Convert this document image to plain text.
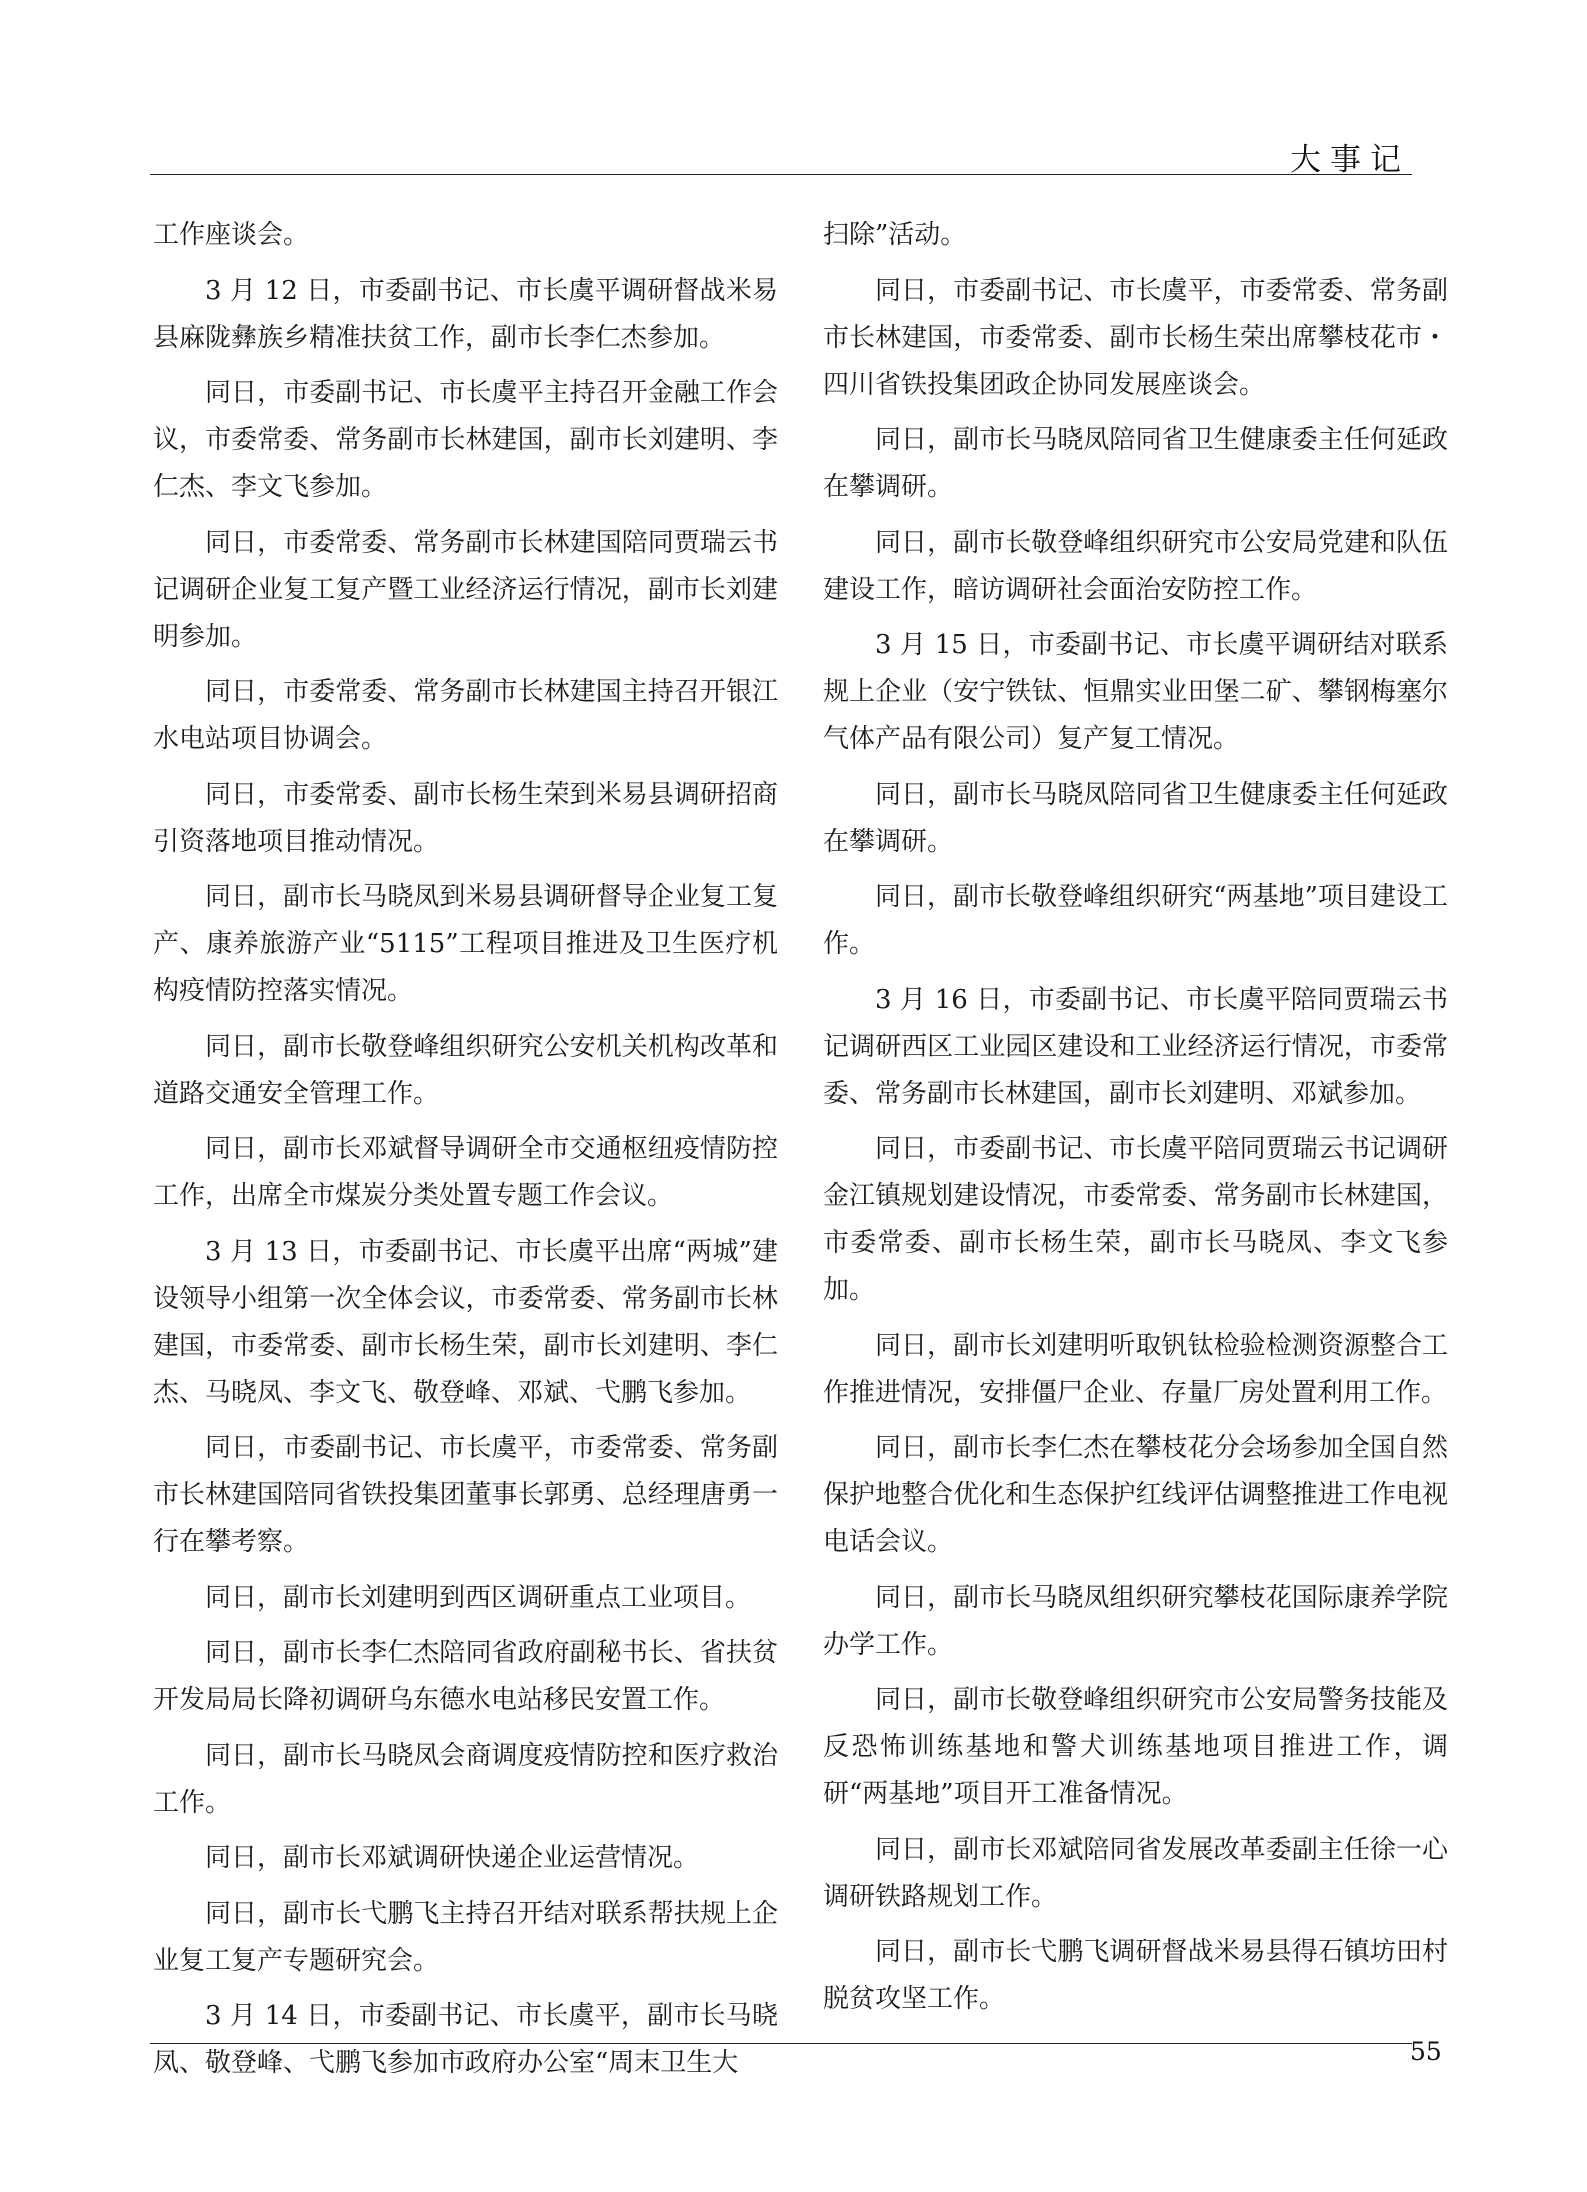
大事记

工作座谈会。

3 月 12 日，市委副书记、市长虞平调研督战米易县麻陇彝族乡精准扶贫工作，副市长李仁杰参加。

同日，市委副书记、市长虞平主持召开金融工作会议，市委常委、常务副市长林建国，副市长刘建明、李仁杰、李文飞参加。

同日，市委常委、常务副市长林建国陪同贾瑞云书记调研企业复工复产暨工业经济运行情况，副市长刘建明参加。

同日，市委常委、常务副市长林建国主持召开银江水电站项目协调会。

同日，市委常委、副市长杨生荣到米易县调研招商引资落地项目推动情况。

同日，副市长马晓凤到米易县调研督导企业复工复产、康养旅游产业“5115”工程项目推进及卫生医疗机构疫情防控落实情况。

同日，副市长敬登峰组织研究公安机关机构改革和道路交通安全管理工作。

同日，副市长邓斌督导调研全市交通枢纽疫情防控工作，出席全市煤炭分类处置专题工作会议。

3 月 13 日，市委副书记、市长虞平出席“两城”建设领导小组第一次全体会议，市委常委、常务副市长林建国，市委常委、副市长杨生荣，副市长刘建明、李仁杰、马晓凤、李文飞、敬登峰、邓斌、弋鹏飞参加。

同日，市委副书记、市长虞平，市委常委、常务副市长林建国陪同省铁投集团董事长郭勇、总经理唐勇一行在攀考察。

同日，副市长刘建明到西区调研重点工业项目。

同日，副市长李仁杰陪同省政府副秘书长、省扶贫开发局局长降初调研乌东德水电站移民安置工作。

同日，副市长马晓凤会商调度疫情防控和医疗救治工作。

同日，副市长邓斌调研快递企业运营情况。

同日，副市长弋鹏飞主持召开结对联系帮扶规上企业复工复产专题研究会。

3 月 14 日，市委副书记、市长虞平，副市长马晓凤、敬登峰、弋鹏飞参加市政府办公室“周末卫生大

扫除”活动。

同日，市委副书记、市长虞平，市委常委、常务副市长林建国，市委常委、副市长杨生荣出席攀枝花市・四川省铁投集团政企协同发展座谈会。

同日，副市长马晓凤陪同省卫生健康委主任何延政在攀调研。

同日，副市长敬登峰组织研究市公安局党建和队伍建设工作，暗访调研社会面治安防控工作。

3 月 15 日，市委副书记、市长虞平调研结对联系规上企业（安宁铁钛、恒鼎实业田堡二矿、攀钢梅塞尔气体产品有限公司）复产复工情况。

同日，副市长马晓凤陪同省卫生健康委主任何延政在攀调研。

同日，副市长敬登峰组织研究“两基地”项目建设工作。

3 月 16 日，市委副书记、市长虞平陪同贾瑞云书记调研西区工业园区建设和工业经济运行情况，市委常委、常务副市长林建国，副市长刘建明、邓斌参加。

同日，市委副书记、市长虞平陪同贾瑞云书记调研金江镇规划建设情况，市委常委、常务副市长林建国，市委常委、副市长杨生荣，副市长马晓凤、李文飞参加。

同日，副市长刘建明听取钒钛检验检测资源整合工作推进情况，安排僵尸企业、存量厂房处置利用工作。

同日，副市长李仁杰在攀枝花分会场参加全国自然保护地整合优化和生态保护红线评估调整推进工作电视电话会议。

同日，副市长马晓凤组织研究攀枝花国际康养学院办学工作。

同日，副市长敬登峰组织研究市公安局警务技能及反恐怖训练基地和警犬训练基地项目推进工作，调研“两基地”项目开工准备情况。

同日，副市长邓斌陪同省发展改革委副主任徐一心调研铁路规划工作。

同日，副市长弋鹏飞调研督战米易县得石镇坊田村脱贫攻坚工作。

55
